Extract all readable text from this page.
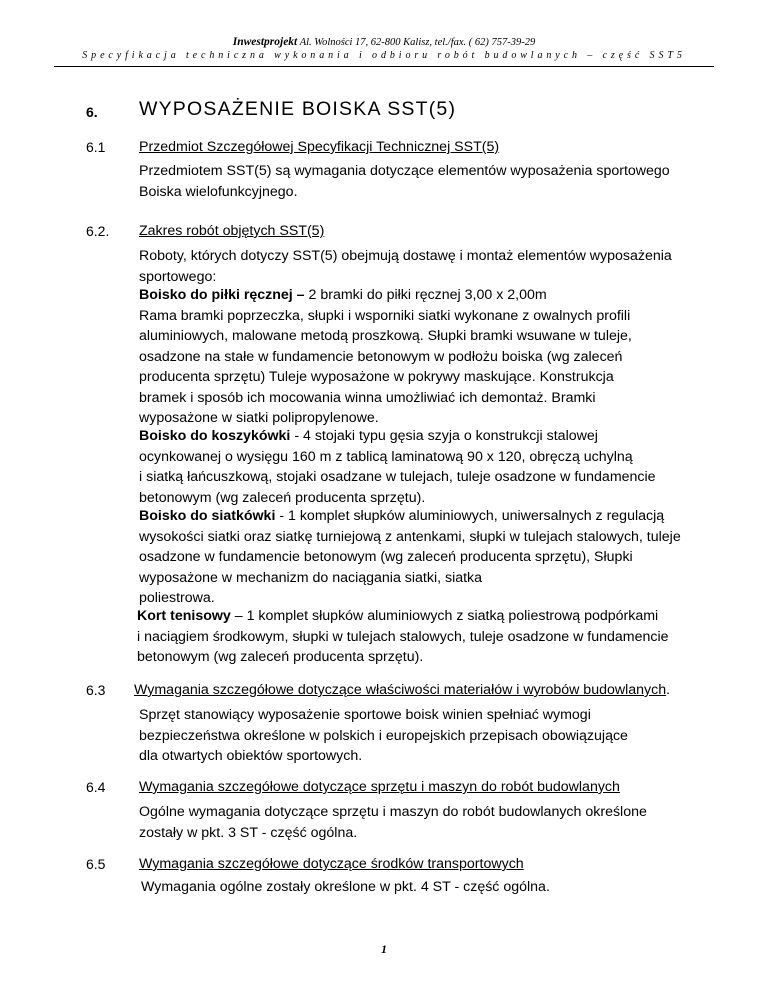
Inwestprojekt Al. Wolności 17, 62-800 Kalisz, tel./fax. ( 62) 757-39-29
Specyfikacja techniczna wykonania i odbioru robót budowlanych – część SST5
6. WYPOSAŻENIE BOISKA SST(5)
6.1 Przedmiot Szczegółowej Specyfikacji Technicznej SST(5)
Przedmiotem SST(5) są wymagania dotyczące elementów wyposażenia sportowego
Boiska wielofunkcyjnego.
6.2. Zakres robót objętych SST(5)
Roboty, których dotyczy SST(5) obejmują dostawę i montaż elementów wyposażenia
sportowego:
Boisko do piłki ręcznej – 2 bramki do piłki ręcznej 3,00 x 2,00m
Rama bramki poprzeczka, słupki i wsporniki siatki wykonane z owalnych profili
aluminiowych, malowane metodą proszkową. Słupki bramki wsuwane w tuleje,
osadzone na stałe w fundamencie betonowym w podłożu boiska (wg zaleceń
producenta sprzętu) Tuleje wyposażone w pokrywy maskujące. Konstrukcja
bramek i sposób ich mocowania winna umożliwiać ich demontaż. Bramki
wyposażone w siatki polipropylenowe.
Boisko do koszykówki - 4 stojaki typu gęsia szyja o konstrukcji stalowej
ocynkowanej o wysięgu 160 m z tablicą laminatową 90 x 120, obręczą uchylną
i siatką łańcuszkową, stojaki osadzane w tulejach, tuleje osadzone w fundamencie
betonowym (wg zaleceń producenta sprzętu).
Boisko do siatkówki - 1 komplet słupków aluminiowych, uniwersalnych z regulacją
wysokości siatki oraz siatkę turniejową z antenkami, słupki w tulejach stalowych, tuleje
osadzone w fundamencie betonowym (wg zaleceń producenta sprzętu), Słupki
wyposażone w mechanizm do naciągania siatki, siatka
poliestrowa.
Kort tenisowy – 1 komplet słupków aluminiowych z siatką poliestrową podpórkami
i naciągiem środkowym, słupki w tulejach stalowych, tuleje osadzone w fundamencie
betonowym (wg zaleceń producenta sprzętu).
6.3 Wymagania szczegółowe dotyczące właściwości materiałów i wyrobów budowlanych.
Sprzęt stanowiący wyposażenie sportowe boisk winien spełniać wymogi
bezpieczeństwa określone w polskich i europejskich przepisach obowiązujące
dla otwartych obiektów sportowych.
6.4 Wymagania szczegółowe dotyczące sprzętu i maszyn do robót budowlanych
Ogólne wymagania dotyczące sprzętu i maszyn do robót budowlanych określone
zostały w pkt. 3 ST - część ogólna.
6.5 Wymagania szczegółowe dotyczące środków transportowych
Wymagania ogólne zostały określone w pkt. 4 ST - część ogólna.
1
